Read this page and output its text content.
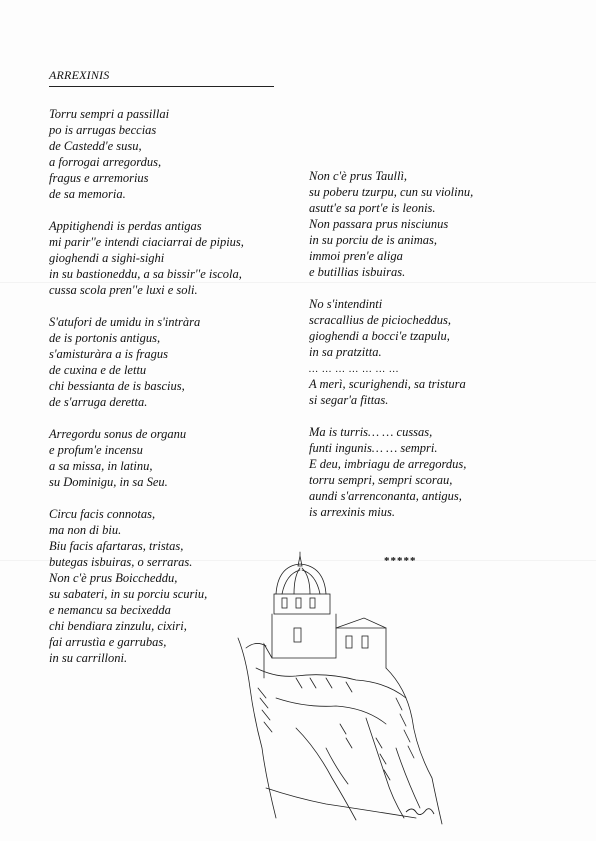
ARREXINIS
Torru sempri a passillai
po is arrugas beccias
de Castedd'e susu,
a forrogai arregordus,
fragus e arremorius
de sa memoria.
Appitighendi is perdas antigas
mi parir''e intendi ciaciarrai de pipius,
gioghendi a sighi-sighi
in su bastioneddu, a sa bissir''e iscola,
cussa scola pren''e luxi e soli.
S'atufori de umidu in s'intràra
de is portonis antigus,
s'amisturàra a is fragus
de cuxina e de lettu
chi bessianta de is bascius,
de s'arruga deretta.
Arregordu sonus de organu
e profum'e incensu
a sa missa, in latinu,
su Dominigu, in sa Seu.
Circu facis connotas,
ma non di biu.
Biu facis afartaras, tristas,
butegas isbuiras, o serraras.
Non c'è prus Boiccheddu,
su sabateri, in su porciu scuriu,
e nemancu sa becixedda
chi bendiara zinzulu, cixiri,
fai arrustìa e garrubas,
in su carrilloni.
Non c'è prus Taullì,
su poberu tzurpu, cun su violinu,
asutt'e sa port'e is leonis.
Non passara prus nisciunus
in su porciu de is animas,
immoi pren'e aliga
e butillias isbuiras.
No s'intendinti
scracallius de piciocheddus,
gioghendi a bocci'e tzapulu,
in sa pratzitta.
… … … … … … …
A merì, scurighendi, sa tristura
si segar'a fittas.
Ma is turris… … cussas,
funti ingunis… … sempri.
E deu, imbriagu de arregordus,
torru sempri, sempri scorau,
aundi s'arrenconanta, antigus,
is arrexinis mius.
*****
